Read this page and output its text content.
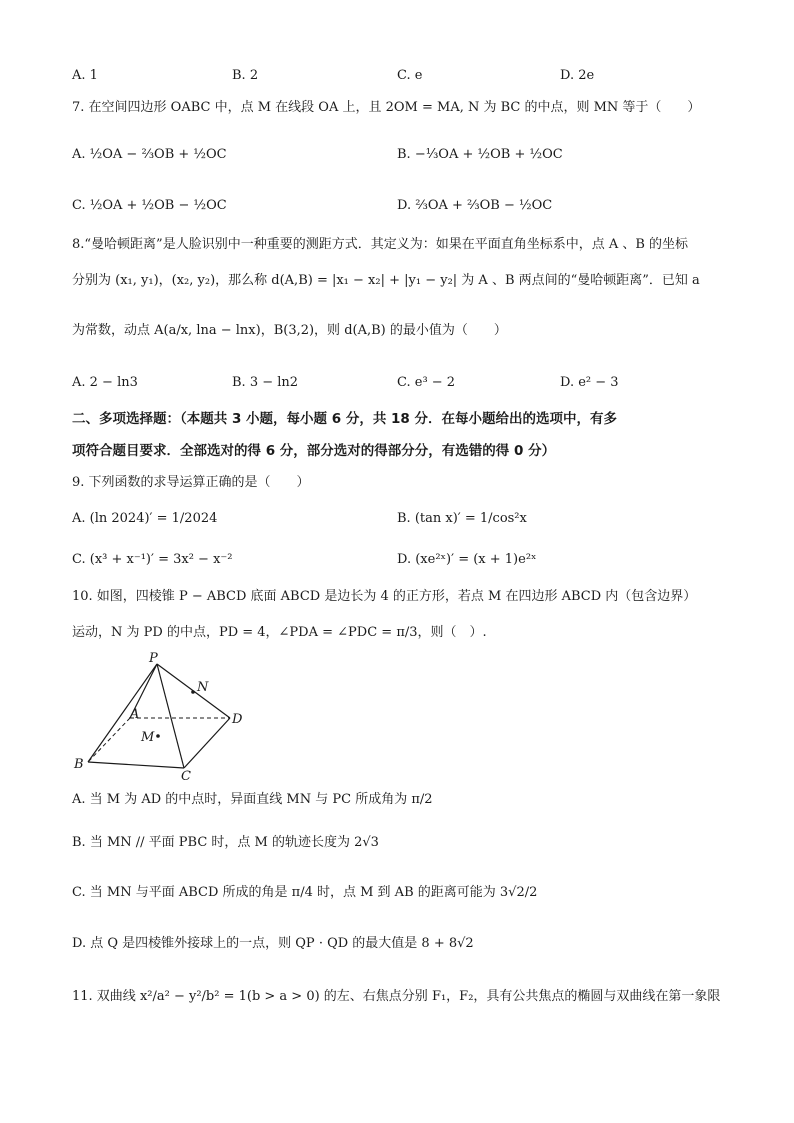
A. 1	B. 2	C. e	D. 2e
7. 在空间四边形 OABC 中，点 M 在线段 OA 上，且 2OM = MA, N 为 BC 的中点，则 MN 等于（　　）
A. ½OA − ⅔OB + ½OC	B. −⅓OA + ½OB + ½OC
C. ½OA + ½OB − ½OC	D. ⅔OA + ⅔OB − ½OC
8.“曼哈顿距离”是人脸识别中一种重要的测距方式．其定义为：如果在平面直角坐标系中，点 A 、B 的坐标
分别为 (x₁, y₁)，(x₂, y₂)，那么称 d(A,B) = |x₁ − x₂| + |y₁ − y₂| 为 A 、B 两点间的“曼哈顿距离”．已知 a
为常数，动点 A(a/x, lna − lnx)，B(3,2)，则 d(A,B) 的最小值为（　　）
A. 2 − ln3	B. 3 − ln2	C. e³ − 2	D. e² − 3
二、多项选择题：（本题共 3 小题，每小题 6 分，共 18 分．在每小题给出的选项中，有多
项符合题目要求．全部选对的得 6 分，部分选对的得部分分，有选错的得 0 分）
9. 下列函数的求导运算正确的是（　　）
A. (ln 2024)′ = 1/2024	B. (tan x)′ = 1/cos²x
C. (x³ + x⁻¹)′ = 3x² − x⁻²	D. (xe²ˣ)′ = (x + 1)e²ˣ
10. 如图，四棱锥 P − ABCD 底面 ABCD 是边长为 4 的正方形，若点 M 在四边形 ABCD 内（包含边界）
运动，N 为 PD 的中点，PD = 4，∠PDA = ∠PDC = π/3，则（　）.
P
N
A	D
M
B
C
A. 当 M 为 AD 的中点时，异面直线 MN 与 PC 所成角为 π/2
B. 当 MN // 平面 PBC 时，点 M 的轨迹长度为 2√3
C. 当 MN 与平面 ABCD 所成的角是 π/4 时，点 M 到 AB 的距离可能为 3√2/2
D. 点 Q 是四棱锥外接球上的一点，则 QP · QD 的最大值是 8 + 8√2
11. 双曲线 x²/a² − y²/b² = 1(b > a > 0) 的左、右焦点分别 F₁，F₂，具有公共焦点的椭圆与双曲线在第一象限
